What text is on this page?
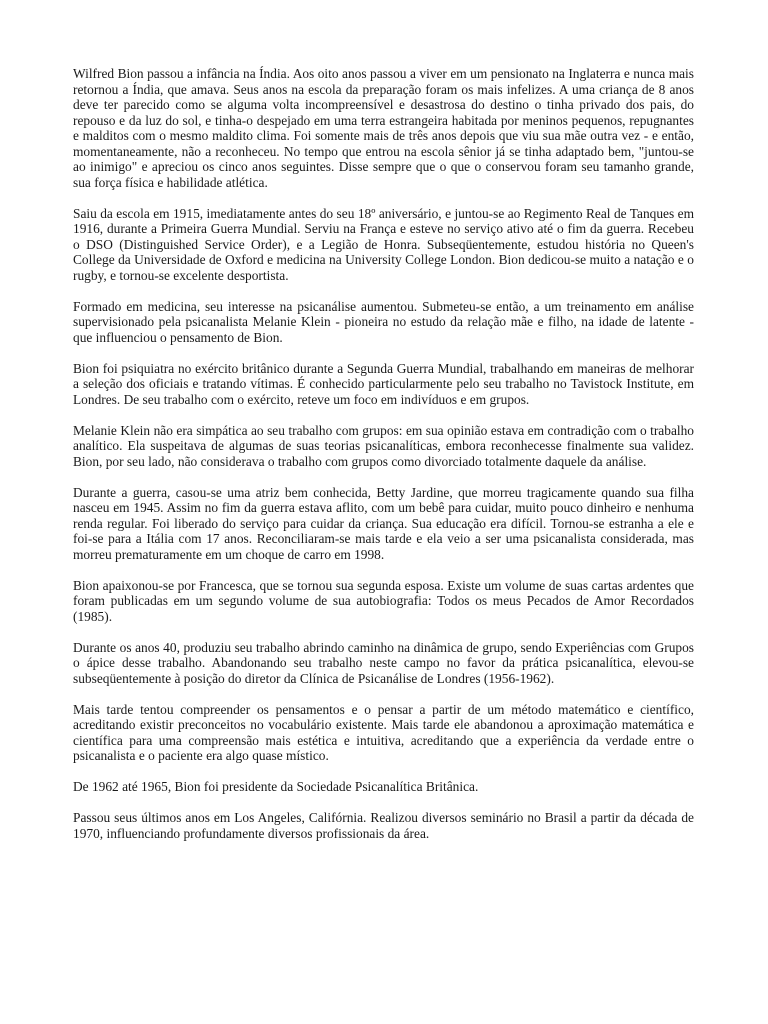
Wilfred Bion passou a infância na Índia. Aos oito anos passou a viver em um pensionato na Inglaterra e nunca mais retornou a Índia, que amava. Seus anos na escola da preparação foram os mais infelizes. A uma criança de 8 anos deve ter parecido como se alguma volta incompreensível e desastrosa do destino o tinha privado dos pais, do repouso e da luz do sol, e tinha-o despejado em uma terra estrangeira habitada por meninos pequenos, repugnantes e malditos com o mesmo maldito clima. Foi somente mais de três anos depois que viu sua mãe outra vez - e então, momentaneamente, não a reconheceu. No tempo que entrou na escola sênior já se tinha adaptado bem, "juntou-se ao inimigo" e apreciou os cinco anos seguintes. Disse sempre que o que o conservou foram seu tamanho grande, sua força física e habilidade atlética.

Saiu da escola em 1915, imediatamente antes do seu 18º aniversário, e juntou-se ao Regimento Real de Tanques em 1916, durante a Primeira Guerra Mundial. Serviu na França e esteve no serviço ativo até o fim da guerra. Recebeu o DSO (Distinguished Service Order), e a Legião de Honra. Subseqüentemente, estudou história no Queen's College da Universidade de Oxford e medicina na University College London. Bion dedicou-se muito a natação e o rugby, e tornou-se excelente desportista.

Formado em medicina, seu interesse na psicanálise aumentou. Submeteu-se então, a um treinamento em análise supervisionado pela psicanalista Melanie Klein - pioneira no estudo da relação mãe e filho, na idade de latente - que influenciou o pensamento de Bion.

Bion foi psiquiatra no exército britânico durante a Segunda Guerra Mundial, trabalhando em maneiras de melhorar a seleção dos oficiais e tratando vítimas. É conhecido particularmente pelo seu trabalho no Tavistock Institute, em Londres. De seu trabalho com o exército, reteve um foco em indivíduos e em grupos.

Melanie Klein não era simpática ao seu trabalho com grupos: em sua opinião estava em contradição com o trabalho analítico. Ela suspeitava de algumas de suas teorias psicanalíticas, embora reconhecesse finalmente sua validez. Bion, por seu lado, não considerava o trabalho com grupos como divorciado totalmente daquele da análise.

Durante a guerra, casou-se uma atriz bem conhecida, Betty Jardine, que morreu tragicamente quando sua filha nasceu em 1945. Assim no fim da guerra estava aflito, com um bebê para cuidar, muito pouco dinheiro e nenhuma renda regular. Foi liberado do serviço para cuidar da criança. Sua educação era difícil. Tornou-se estranha a ele e foi-se para a Itália com 17 anos. Reconciliaram-se mais tarde e ela veio a ser uma psicanalista considerada, mas morreu prematuramente em um choque de carro em 1998.

Bion apaixonou-se por Francesca, que se tornou sua segunda esposa. Existe um volume de suas cartas ardentes que foram publicadas em um segundo volume de sua autobiografia: Todos os meus Pecados de Amor Recordados (1985).

Durante os anos 40, produziu seu trabalho abrindo caminho na dinâmica de grupo, sendo Experiências com Grupos o ápice desse trabalho. Abandonando seu trabalho neste campo no favor da prática psicanalítica, elevou-se subseqüentemente à posição do diretor da Clínica de Psicanálise de Londres (1956-1962).

Mais tarde tentou compreender os pensamentos e o pensar a partir de um método matemático e científico, acreditando existir preconceitos no vocabulário existente. Mais tarde ele abandonou a aproximação matemática e científica para uma compreensão mais estética e intuitiva, acreditando que a experiência da verdade entre o psicanalista e o paciente era algo quase místico.

De 1962 até 1965, Bion foi presidente da Sociedade Psicanalítica Britânica.

Passou seus últimos anos em Los Angeles, Califórnia. Realizou diversos seminário no Brasil a partir da década de 1970, influenciando profundamente diversos profissionais da área.
